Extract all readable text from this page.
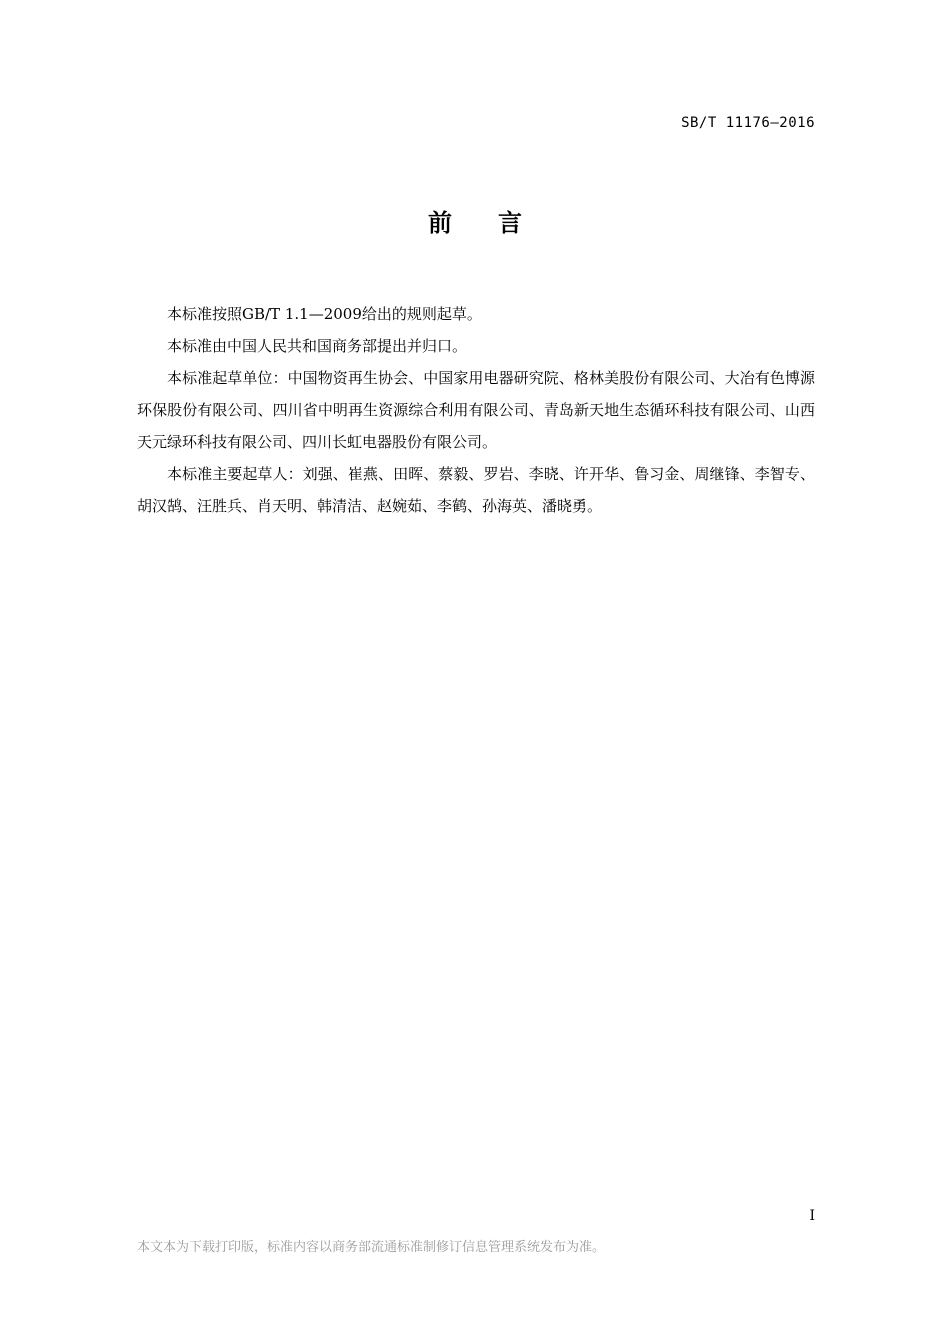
SB/T 11176—2016
前言

本标准按照GB/T 1.1—2009给出的规则起草。

本标准由中国人民共和国商务部提出并归口。

本标准起草单位：中国物资再生协会、中国家用电器研究院、格林美股份有限公司、大冶有色博源环保股份有限公司、四川省中明再生资源综合利用有限公司、青岛新天地生态循环科技有限公司、山西天元绿环科技有限公司、四川长虹电器股份有限公司。

本标准主要起草人：刘强、崔燕、田晖、蔡毅、罗岩、李晓、许开华、鲁习金、周继锋、李智专、胡汉鹄、汪胜兵、肖天明、韩清洁、赵婉茹、李鹤、孙海英、潘晓勇。

I
本文本为下载打印版，标准内容以商务部流通标准制修订信息管理系统发布为准。
